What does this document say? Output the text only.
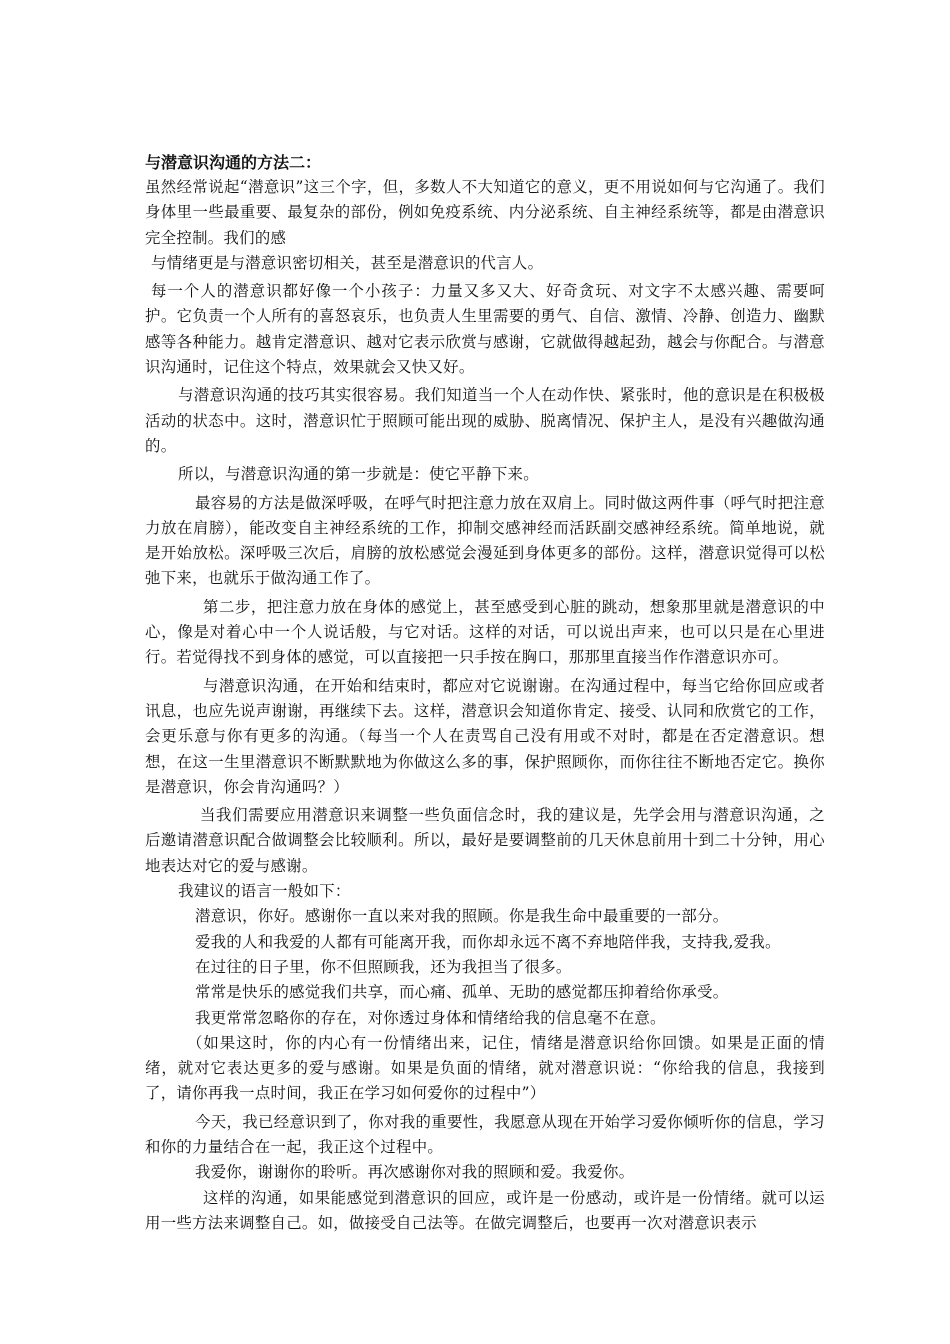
与潜意识沟通的方法二：

虽然经常说起“潜意识”这三个字，但，多数人不大知道它的意义，更不用说如何与它沟通了。我们身体里一些最重要、最复杂的部份，例如免疫系统、内分泌系统、自主神经系统等，都是由潜意识完全控制。我们的感

与情绪更是与潜意识密切相关，甚至是潜意识的代言人。

每一个人的潜意识都好像一个小孩子：力量又多又大、好奇贪玩、对文字不太感兴趣、需要呵护。它负责一个人所有的喜怒哀乐，也负责人生里需要的勇气、自信、激情、冷静、创造力、幽默感等各种能力。越肯定潜意识、越对它表示欣赏与感谢，它就做得越起劲，越会与你配合。与潜意识沟通时，记住这个特点，效果就会又快又好。

与潜意识沟通的技巧其实很容易。我们知道当一个人在动作快、紧张时，他的意识是在积极极活动的状态中。这时，潜意识忙于照顾可能出现的威胁、脱离情况、保护主人，是没有兴趣做沟通的。

所以，与潜意识沟通的第一步就是：使它平静下来。

最容易的方法是做深呼吸，在呼气时把注意力放在双肩上。同时做这两件事（呼气时把注意力放在肩膀），能改变自主神经系统的工作，抑制交感神经而活跃副交感神经系统。简单地说，就是开始放松。深呼吸三次后，肩膀的放松感觉会漫延到身体更多的部份。这样，潜意识觉得可以松弛下来，也就乐于做沟通工作了。

第二步，把注意力放在身体的感觉上，甚至感受到心脏的跳动，想象那里就是潜意识的中心，像是对着心中一个人说话般，与它对话。这样的对话，可以说出声来，也可以只是在心里进行。若觉得找不到身体的感觉，可以直接把一只手按在胸口，那那里直接当作作潜意识亦可。

与潜意识沟通，在开始和结束时，都应对它说谢谢。在沟通过程中，每当它给你回应或者讯息，也应先说声谢谢，再继续下去。这样，潜意识会知道你肯定、接受、认同和欣赏它的工作，会更乐意与你有更多的沟通。（每当一个人在责骂自己没有用或不对时，都是在否定潜意识。想想，在这一生里潜意识不断默默地为你做这么多的事，保护照顾你，而你往往不断地否定它。换你是潜意识，你会肯沟通吗？）

当我们需要应用潜意识来调整一些负面信念时，我的建议是，先学会用与潜意识沟通，之后邀请潜意识配合做调整会比较顺利。所以，最好是要调整前的几天休息前用十到二十分钟，用心地表达对它的爱与感谢。

我建议的语言一般如下：

潜意识，你好。感谢你一直以来对我的照顾。你是我生命中最重要的一部分。

爱我的人和我爱的人都有可能离开我，而你却永远不离不弃地陪伴我，支持我,爱我。

在过往的日子里，你不但照顾我，还为我担当了很多。

常常是快乐的感觉我们共享，而心痛、孤单、无助的感觉都压抑着给你承受。

我更常常忽略你的存在，对你透过身体和情绪给我的信息毫不在意。

（如果这时，你的内心有一份情绪出来，记住，情绪是潜意识给你回馈。如果是正面的情绪，就对它表达更多的爱与感谢。如果是负面的情绪，就对潜意识说：“你给我的信息，我接到了，请你再我一点时间，我正在学习如何爱你的过程中”）

今天，我已经意识到了，你对我的重要性，我愿意从现在开始学习爱你倾听你的信息，学习和你的力量结合在一起，我正这个过程中。

我爱你，谢谢你的聆听。再次感谢你对我的照顾和爱。我爱你。

这样的沟通，如果能感觉到潜意识的回应，或许是一份感动，或许是一份情绪。就可以运用一些方法来调整自己。如，做接受自己法等。在做完调整后，也要再一次对潜意识表示
